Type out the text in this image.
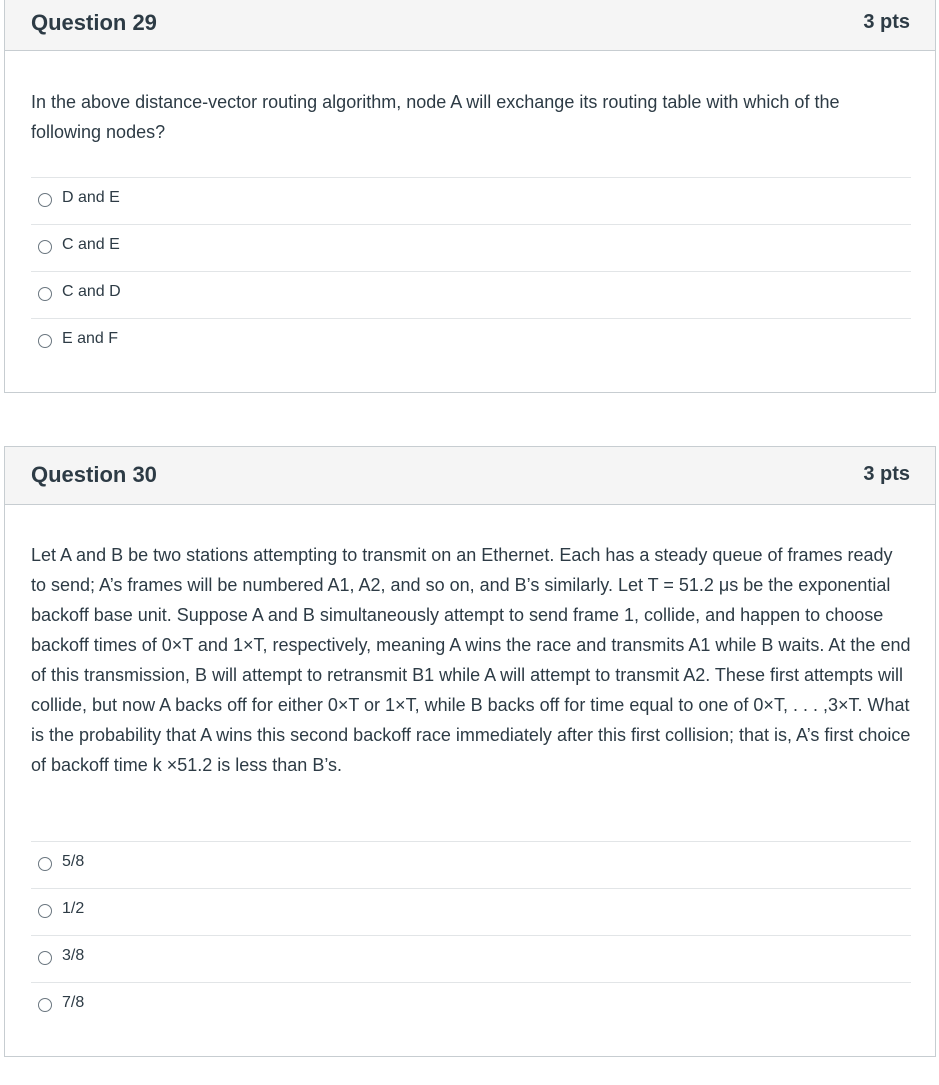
Question 29	3 pts
In the above distance-vector routing algorithm, node A will exchange its routing table with which of the following nodes?
D and E
C and E
C and D
E and F
Question 30	3 pts
Let A and B be two stations attempting to transmit on an Ethernet. Each has a steady queue of frames ready to send; A’s frames will be numbered A1, A2, and so on, and B’s similarly. Let T = 51.2 μs be the exponential backoff base unit. Suppose A and B simultaneously attempt to send frame 1, collide, and happen to choose backoff times of 0×T and 1×T, respectively, meaning A wins the race and transmits A1 while B waits. At the end of this transmission, B will attempt to retransmit B1 while A will attempt to transmit A2. These first attempts will collide, but now A backs off for either 0×T or 1×T, while B backs off for time equal to one of 0×T, . . . ,3×T. What is the probability that A wins this second backoff race immediately after this first collision; that is, A’s first choice of backoff time k ×51.2 is less than B’s.
5/8
1/2
3/8
7/8
